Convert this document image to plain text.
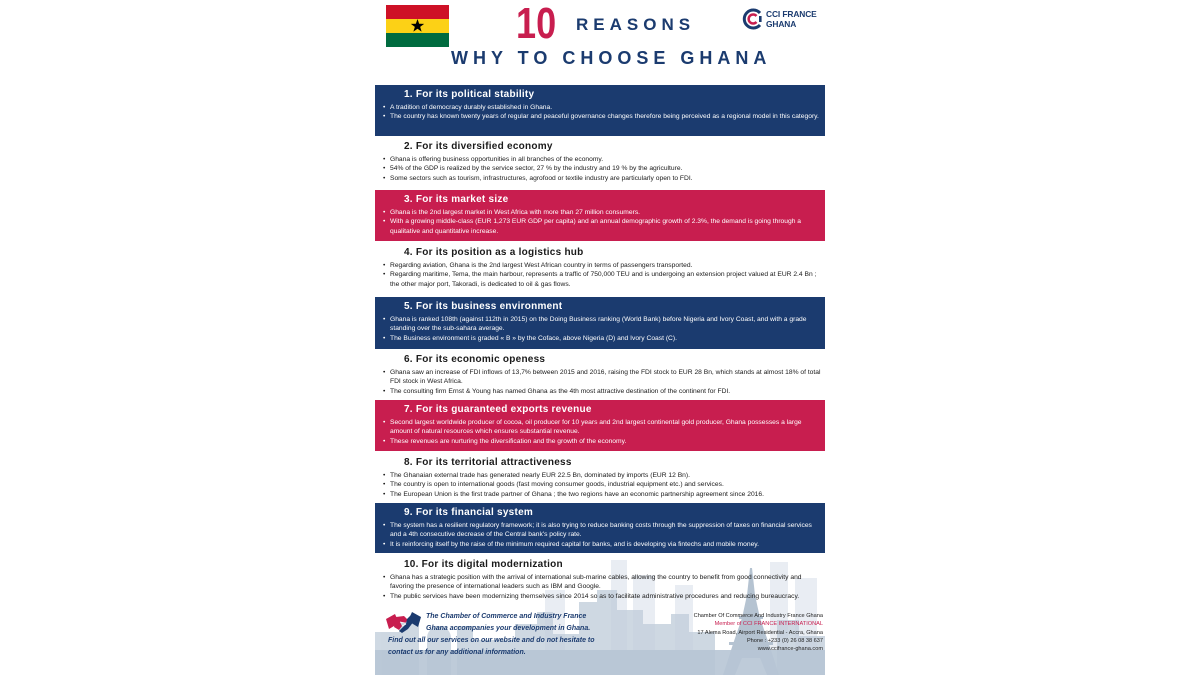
10 REASONS
WHY TO CHOOSE GHANA
CCI FRANCE
GHANA
1. For its political stability
• A tradition of democracy durably established in Ghana.
• The country has known twenty years of regular and peaceful governance changes therefore being perceived as a regional model in this category.
2. For its diversified economy
• Ghana is offering business opportunities in all branches of the economy.
• 54% of the GDP is realized by the service sector, 27 % by the industry and 19 % by the agriculture.
• Some sectors such as tourism, infrastructures, agrofood or textile industry are particularly open to FDI.
3. For its market size
• Ghana is the 2nd largest market in West Africa with more than 27 million consumers.
• With a growing middle-class (EUR 1,273 EUR GDP per capita) and an annual demographic growth of 2.3%, the demand is going through a qualitative and quantitative increase.
4. For its position as a logistics hub
• Regarding aviation, Ghana is the 2nd largest West African country in terms of passengers transported.
• Regarding maritime, Tema, the main harbour, represents a traffic of 750,000 TEU and is undergoing an extension project valued at EUR 2.4 Bn ; the other major port, Takoradi, is dedicated to oil & gas flows.
5. For its business environment
• Ghana is ranked 108th (against 112th in 2015) on the Doing Business ranking (World Bank) before Nigeria and Ivory Coast, and with a grade standing over the sub-sahara average.
• The Business environment is graded « B » by the Coface, above Nigeria (D) and Ivory Coast (C).
6. For its economic openess
• Ghana saw an increase of FDI inflows of 13,7% between 2015 and 2016, raising the FDI stock to EUR 28 Bn, which stands at almost 18% of total FDI stock in West Africa.
• The consulting firm Ernst & Young has named Ghana as the 4th most attractive destination of the continent for FDI.
7. For its guaranteed exports revenue
• Second largest worldwide producer of cocoa, oil producer for 10 years and 2nd largest continental gold producer, Ghana possesses a large amount of natural resources which ensures substantial revenue.
• These revenues are nurturing the diversification and the growth of the economy.
8. For its territorial attractiveness
• The Ghanaian external trade has generated nearly EUR 22.5 Bn, dominated by imports (EUR 12 Bn).
• The country is open to international goods (fast moving consumer goods, industrial equipment etc.) and services.
• The European Union is the first trade partner of Ghana ; the two regions have an economic partnership agreement since 2016.
9. For its financial system
• The system has a resilient regulatory framework; it is also trying to reduce banking costs through the suppression of taxes on financial services and a 4th consecutive decrease of the Central bank's policy rate.
• It is reinforcing itself by the raise of the minimum required capital for banks, and is developing via fintechs and mobile money.
10. For its digital modernization
• Ghana has a strategic position with the arrival of international sub-marine cables, allowing the country to benefit from good connectivity and favoring the presence of international leaders such as IBM and Google.
• The public services have been modernizing themselves since 2014 so as to facilitate administrative procedures and reducing bureaucracy.
The Chamber of Commerce and Industry France
Ghana accompanies your development in Ghana.
Find out all our services on our website and do not hesitate to
contact us for any additional information.
Chamber Of Commerce And Industry France Ghana
Member of CCI FRANCE INTERNATIONAL
17 Alema Road, Airport Residential - Accra, Ghana
Phone : +233 (0) 26 08 38 637
www.ccifrance-ghana.com
